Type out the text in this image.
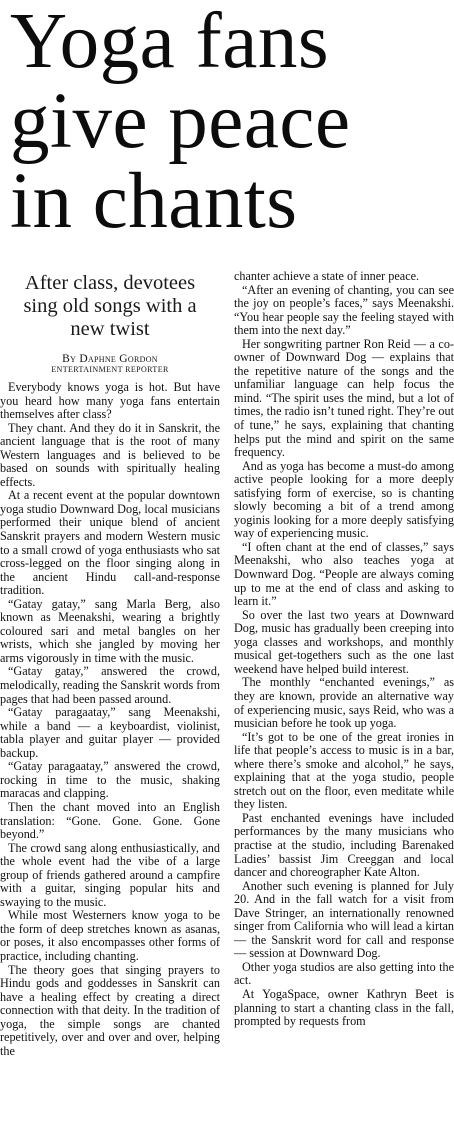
Yoga fans
give peace
in chants

After class, devotees sing old songs with a new twist

By Daphne Gordon

ENTERTAINMENT REPORTER

Everybody knows yoga is hot. But have you heard how many yoga fans entertain themselves after class?

They chant. And they do it in Sanskrit, the ancient language that is the root of many Western languages and is believed to be based on sounds with spiritually healing effects.

At a recent event at the popular downtown yoga studio Downward Dog, local musicians performed their unique blend of ancient Sanskrit prayers and modern Western music to a small crowd of yoga enthusiasts who sat cross-legged on the floor singing along in the ancient Hindu call-and-response tradition.

“Gatay gatay,” sang Marla Berg, also known as Meenakshi, wearing a brightly coloured sari and metal bangles on her wrists, which she jangled by moving her arms vigorously in time with the music.

“Gatay gatay,” answered the crowd, melodically, reading the Sanskrit words from pages that had been passed around.

“Gatay paragaatay,” sang Meenakshi, while a band — a keyboardist, violinist, tabla player and guitar player — provided backup.

“Gatay paragaatay,” answered the crowd, rocking in time to the music, shaking maracas and clapping.

Then the chant moved into an English translation: “Gone. Gone. Gone. Gone beyond.”

The crowd sang along enthusiastically, and the whole event had the vibe of a large group of friends gathered around a campfire with a guitar, singing popular hits and swaying to the music.

While most Westerners know yoga to be the form of deep stretches known as asanas, or poses, it also encompasses other forms of practice, including chanting.

The theory goes that singing prayers to Hindu gods and goddesses in Sanskrit can have a healing effect by creating a direct connection with that deity. In the tradition of yoga, the simple songs are chanted repetitively, over and over and over, helping the

chanter achieve a state of inner peace.

“After an evening of chanting, you can see the joy on people’s faces,” says Meenakshi. “You hear people say the feeling stayed with them into the next day.”

Her songwriting partner Ron Reid — a co-owner of Downward Dog — explains that the repetitive nature of the songs and the unfamiliar language can help focus the mind. “The spirit uses the mind, but a lot of times, the radio isn’t tuned right. They’re out of tune,” he says, explaining that chanting helps put the mind and spirit on the same frequency.

And as yoga has become a must-do among active people looking for a more deeply satisfying form of exercise, so is chanting slowly becoming a bit of a trend among yoginis looking for a more deeply satisfying way of experiencing music.

“I often chant at the end of classes,” says Meenakshi, who also teaches yoga at Downward Dog. “People are always coming up to me at the end of class and asking to learn it.”

So over the last two years at Downward Dog, music has gradually been creeping into yoga classes and workshops, and monthly musical get-togethers such as the one last weekend have helped build interest.

The monthly “enchanted evenings,” as they are known, provide an alternative way of experiencing music, says Reid, who was a musician before he took up yoga.

“It’s got to be one of the great ironies in life that people’s access to music is in a bar, where there’s smoke and alcohol,” he says, explaining that at the yoga studio, people stretch out on the floor, even meditate while they listen.

Past enchanted evenings have included performances by the many musicians who practise at the studio, including Barenaked Ladies’ bassist Jim Creeggan and local dancer and choreographer Kate Alton.

Another such evening is planned for July 20. And in the fall watch for a visit from Dave Stringer, an internationally renowned singer from California who will lead a kirtan — the Sanskrit word for call and response — session at Downward Dog.

Other yoga studios are also getting into the act.

At YogaSpace, owner Kathryn Beet is planning to start a chanting class in the fall, prompted by requests from
